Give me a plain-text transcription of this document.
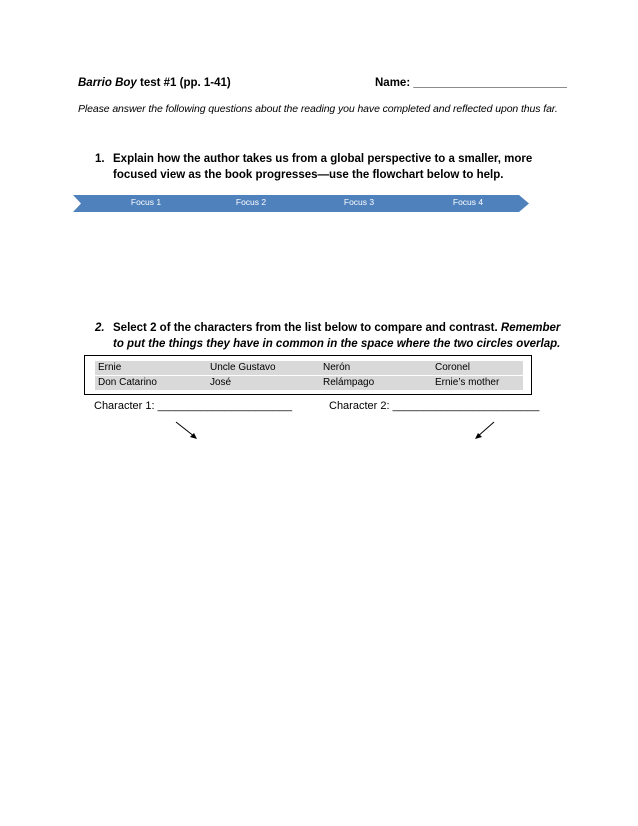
Barrio Boy test #1 (pp. 1-41)	Name: ________________________
Please answer the following questions about the reading you have completed and reflected upon thus far.
1. Explain how the author takes us from a global perspective to a smaller, more focused view as the book progresses—use the flowchart below to help.
Focus 1	Focus 2	Focus 3	Focus 4
2. Select 2 of the characters from the list below to compare and contrast. Remember to put the things they have in common in the space where the two circles overlap.
Ernie	Uncle Gustavo	Nerón	Coronel
Don Catarino	José	Relámpago	Ernie’s mother
Character 1: ______________________	Character 2: ________________________
